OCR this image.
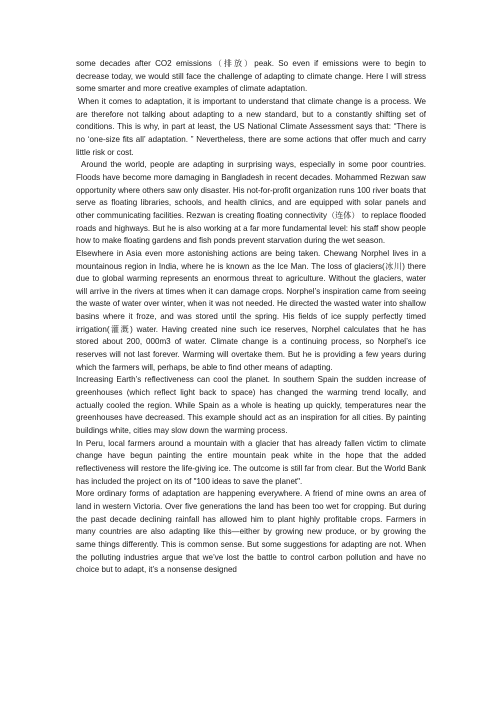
some decades after CO2 emissions（排放）peak. So even if emissions were to begin to decrease today, we would still face the challenge of adapting to climate change. Here I will stress some smarter and more creative examples of climate adaptation.

When it comes to adaptation, it is important to understand that climate change is a process. We are therefore not talking about adapting to a new standard, but to a constantly shifting set of conditions. This is why, in part at least, the US National Climate Assessment says that: “There is no ‘one-size fits all’ adaptation. ” Nevertheless, there are some actions that offer much and carry little risk or cost.

Around the world, people are adapting in surprising ways, especially in some poor countries. Floods have become more damaging in Bangladesh in recent decades. Mohammed Rezwan saw opportunity where others saw only disaster. His not-for-profit organization runs 100 river boats that serve as floating libraries, schools, and health clinics, and are equipped with solar panels and other communicating facilities. Rezwan is creating floating connectivity（连体） to replace flooded roads and highways. But he is also working at a far more fundamental level: his staff show people how to make floating gardens and fish ponds prevent starvation during the wet season.

Elsewhere in Asia even more astonishing actions are being taken. Chewang Norphel lives in a mountainous region in India, where he is known as the Ice Man. The loss of glaciers(冰川) there due to global warming represents an enormous threat to agriculture. Without the glaciers, water will arrive in the rivers at times when it can damage crops. Norphel’s inspiration came from seeing the waste of water over winter, when it was not needed. He directed the wasted water into shallow basins where it froze, and was stored until the spring. His fields of ice supply perfectly timed irrigation(灌溉) water. Having created nine such ice reserves, Norphel calculates that he has stored about 200, 000m3 of water. Climate change is a continuing process, so Norphel’s ice reserves will not last forever. Warming will overtake them. But he is providing a few years during which the farmers will, perhaps, be able to find other means of adapting.

Increasing Earth’s reflectiveness can cool the planet. In southern Spain the sudden increase of greenhouses (which reflect light back to space) has changed the warming trend locally, and actually cooled the region. While Spain as a whole is heating up quickly, temperatures near the greenhouses have decreased. This example should act as an inspiration for all cities. By painting buildings white, cities may slow down the warming process.

In Peru, local farmers around a mountain with a glacier that has already fallen victim to climate change have begun painting the entire mountain peak white in the hope that the added reflectiveness will restore the life-giving ice. The outcome is still far from clear. But the World Bank has included the project on its of "100 ideas to save the planet".

More ordinary forms of adaptation are happening everywhere. A friend of mine owns an area of land in western Victoria. Over five generations the land has been too wet for cropping. But during the past decade declining rainfall has allowed him to plant highly profitable crops. Farmers in many countries are also adapting like this—either by growing new produce, or by growing the same things differently. This is common sense. But some suggestions for adapting are not. When the polluting industries argue that we’ve lost the battle to control carbon pollution and have no choice but to adapt, it’s a nonsense designed
